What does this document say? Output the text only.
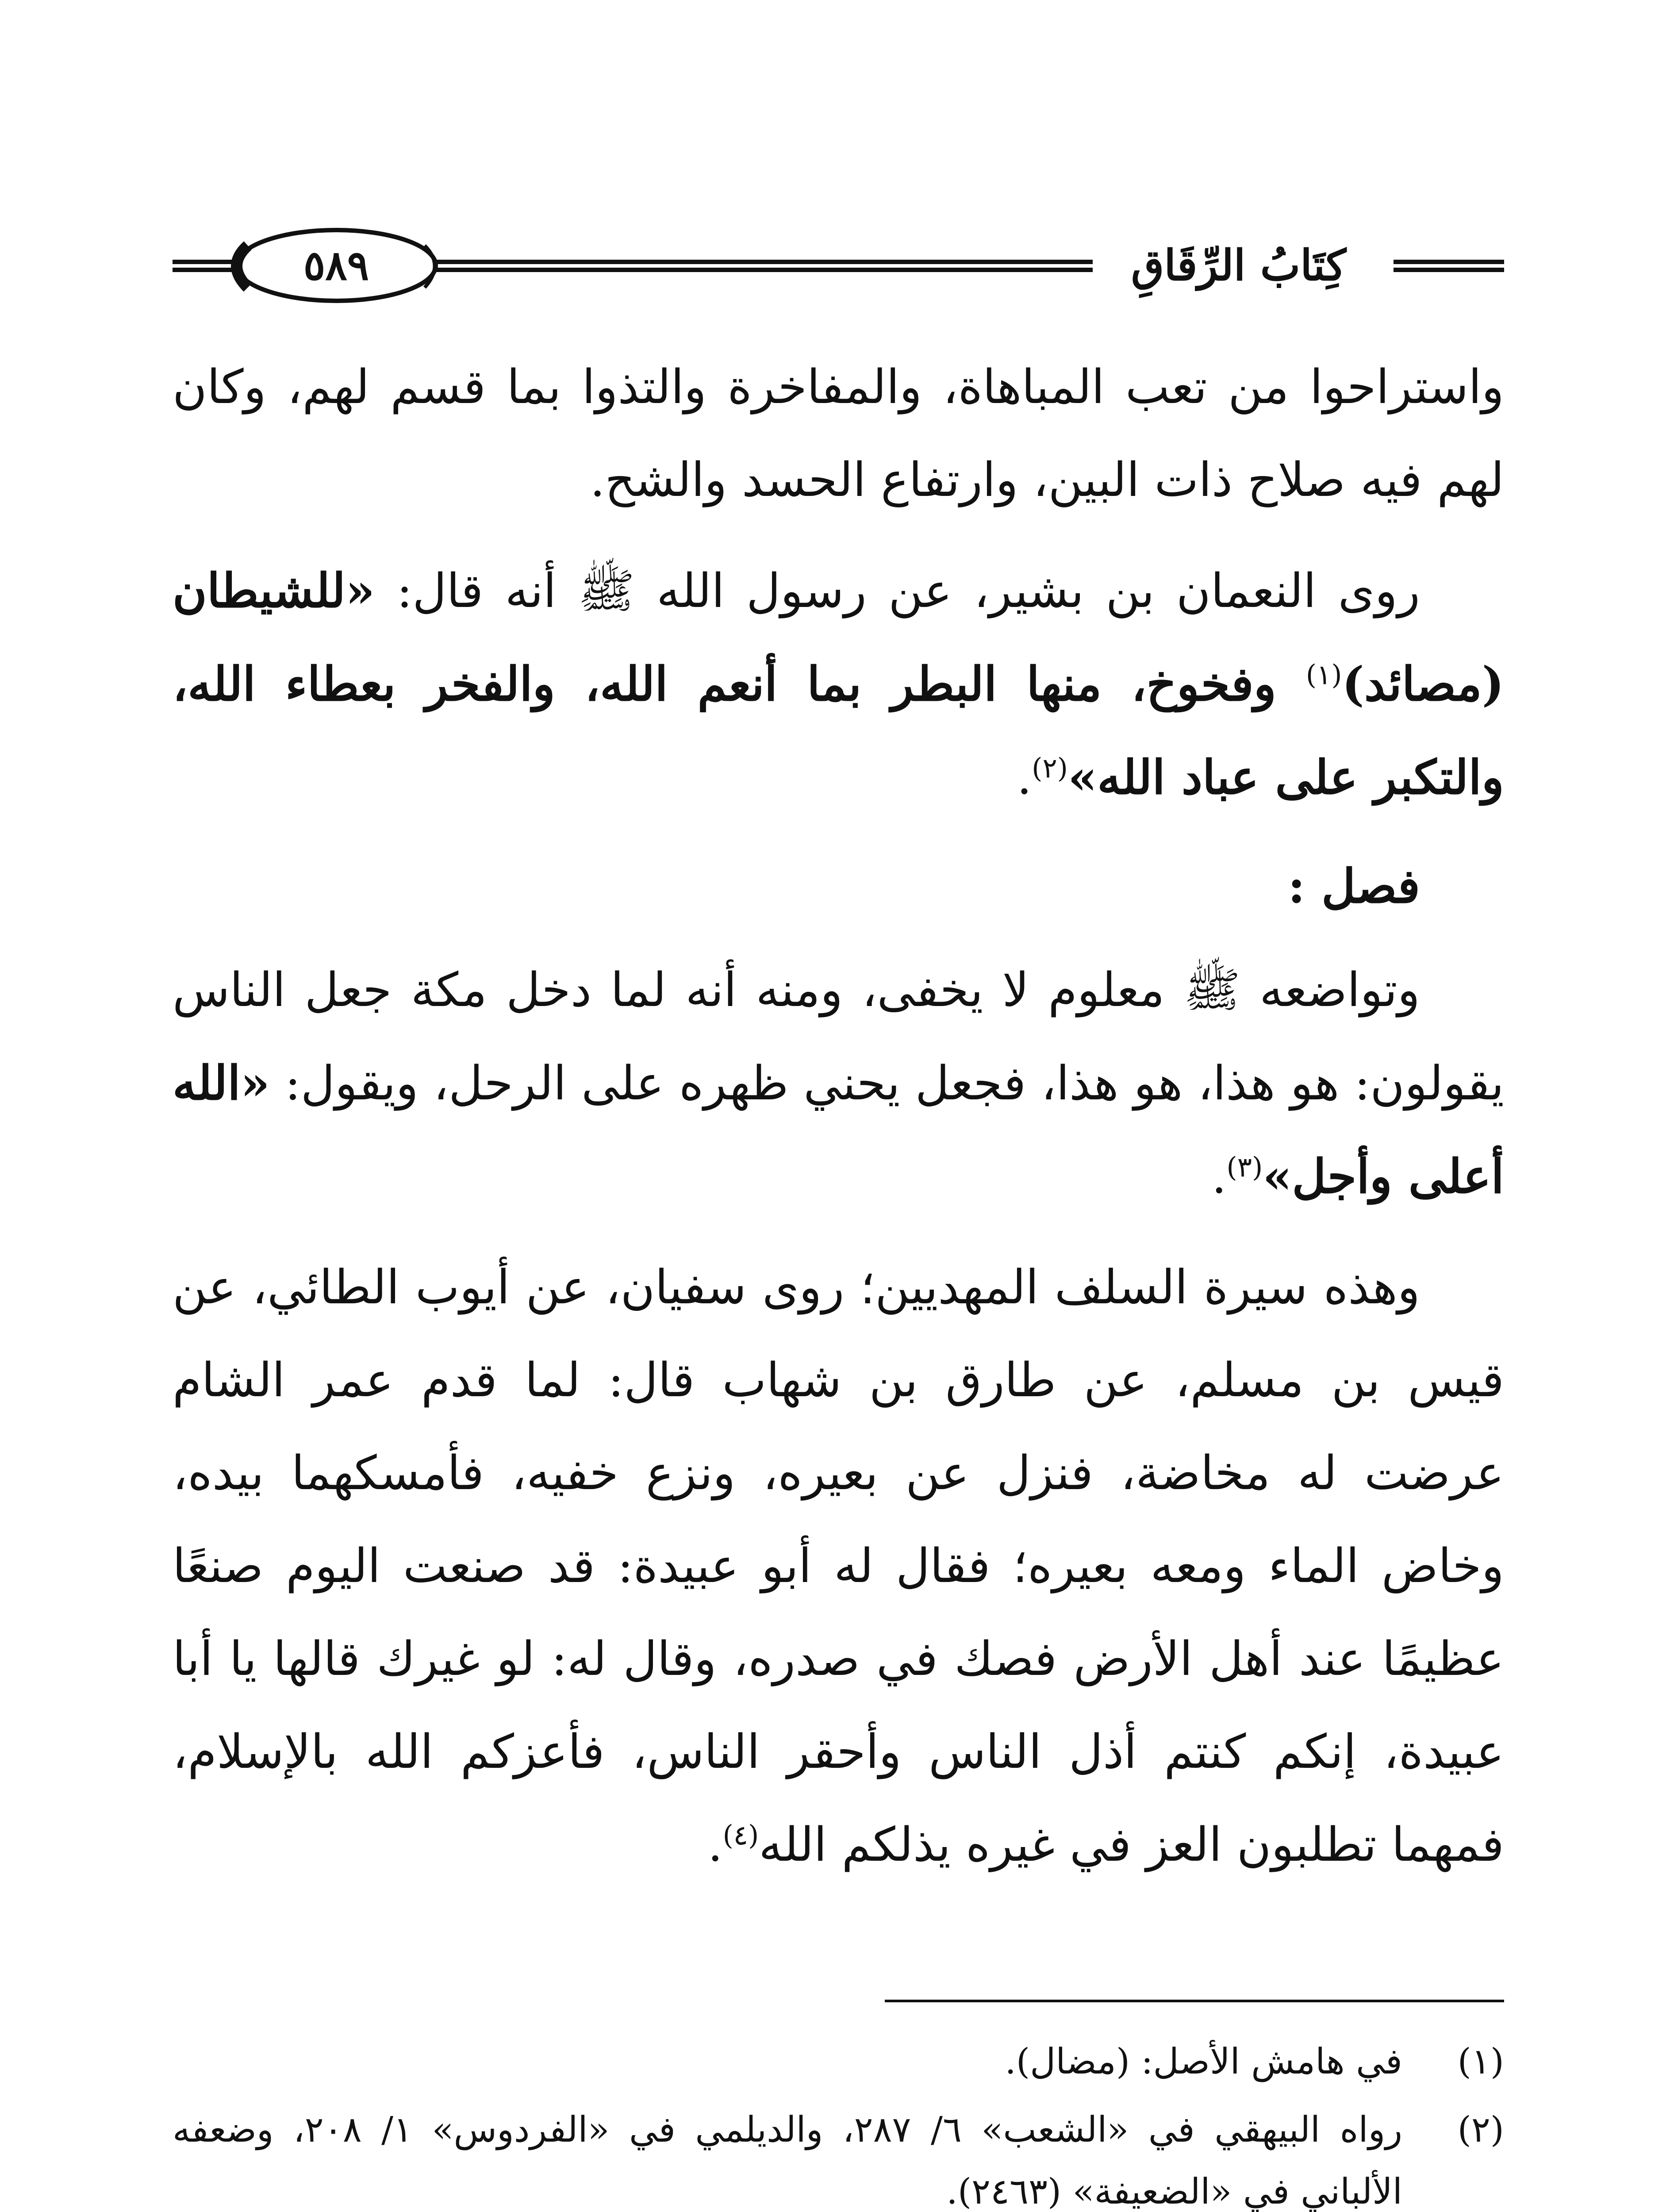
٥٨٩	كِتَابُ الرِّقَاقِ

واستراحوا من تعب المباهاة، والمفاخرة والتذوا بما قسم لهم، وكان لهم فيه صلاح ذات البين، وارتفاع الحسد والشح.

روى النعمان بن بشير، عن رسول الله ﷺ أنه قال: «للشيطان (مصائد)$^{(١)}$ وفخوخ، منها البطر بما أنعم الله، والفخر بعطاء الله، والتكبر على عباد الله»$^{(٢)}$.

فصل :

وتواضعه ﷺ معلوم لا يخفى، ومنه أنه لما دخل مكة جعل الناس يقولون: هو هذا، هو هذا، فجعل يحني ظهره على الرحل، ويقول: «الله أعلى وأجل»$^{(٣)}$.

وهذه سيرة السلف المهديين؛ روى سفيان، عن أيوب الطائي، عن قيس بن مسلم، عن طارق بن شهاب قال: لما قدم عمر الشام عرضت له مخاضة، فنزل عن بعيره، ونزع خفيه، فأمسكهما بيده، وخاض الماء ومعه بعيره؛ فقال له أبو عبيدة: قد صنعت اليوم صنعًا عظيمًا عند أهل الأرض فصك في صدره، وقال له: لو غيرك قالها يا أبا عبيدة، إنكم كنتم أذل الناس وأحقر الناس، فأعزكم الله بالإسلام، فمهما تطلبون العز في غيره يذلكم الله$^{(٤)}$.

(١)
في هامش الأصل: (مضال).
(٢)
رواه البيهقي في «الشعب» ٦/ ٢٨٧، والديلمي في «الفردوس» ١/ ٢٠٨، وضعفه الألباني في «الضعيفة» (٢٤٦٣).
